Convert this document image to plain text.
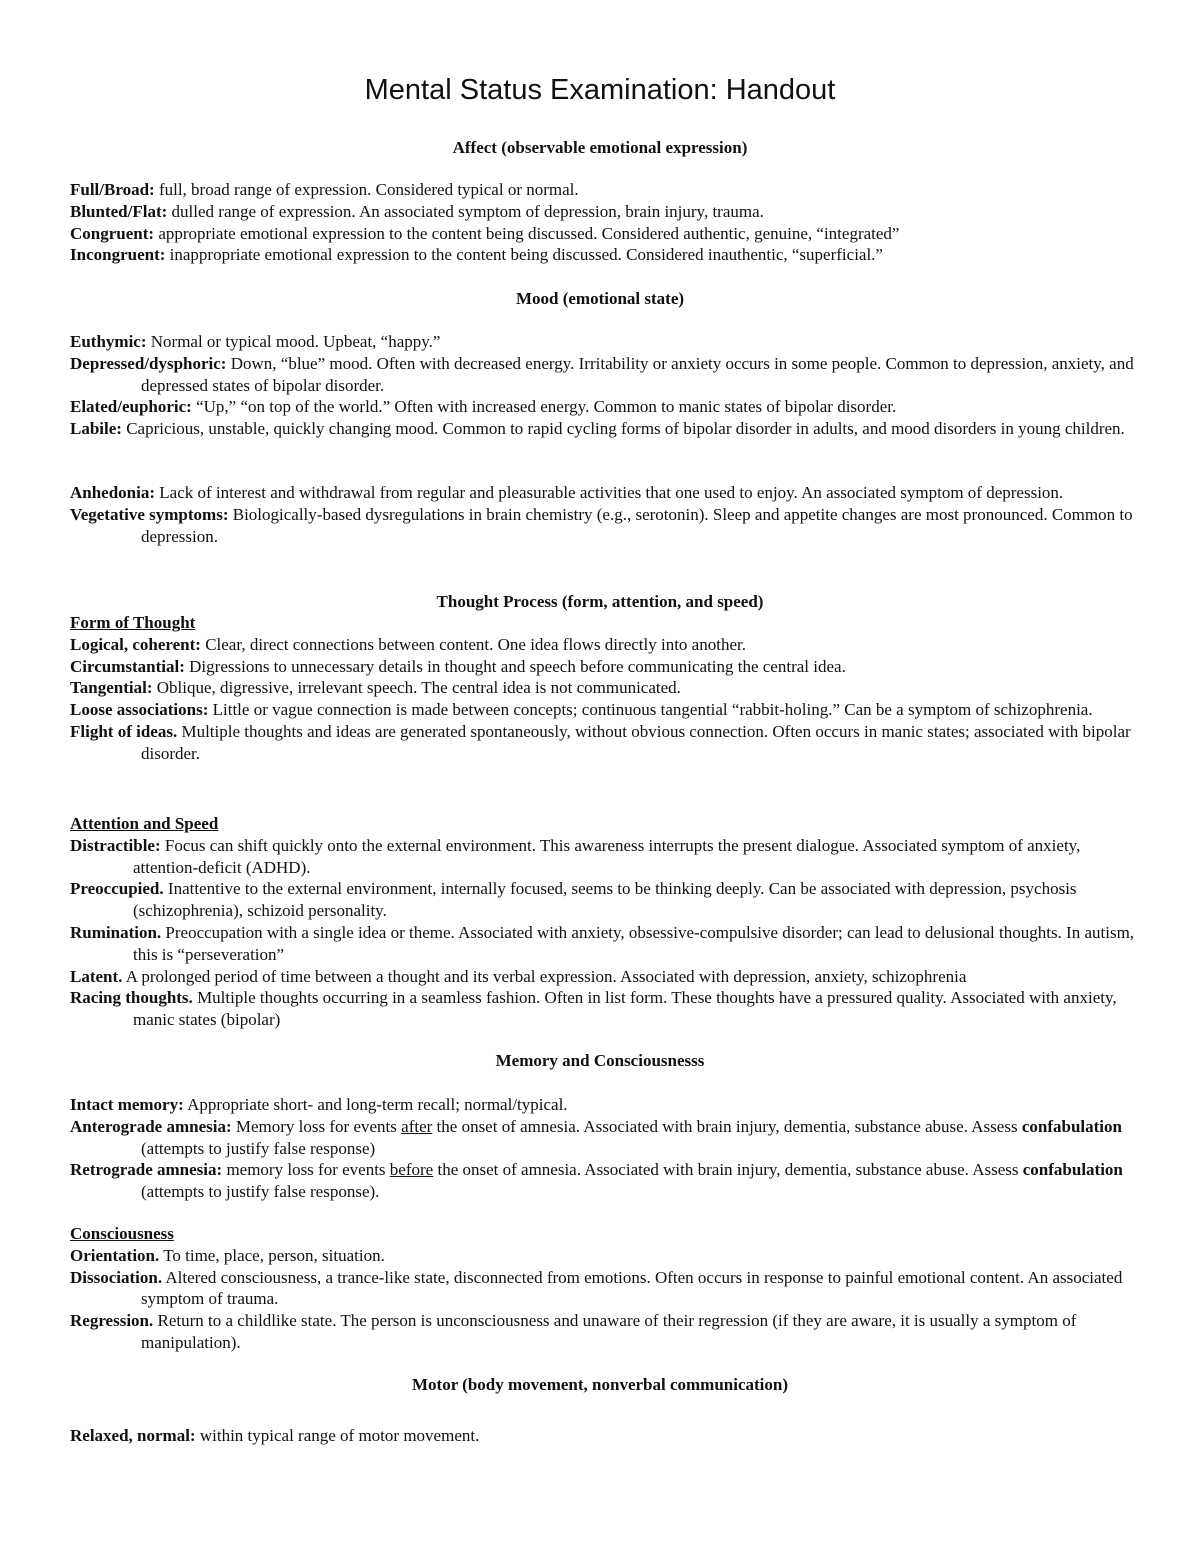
Mental Status Examination: Handout
Affect (observable emotional expression)

Full/Broad: full, broad range of expression. Considered typical or normal.

Blunted/Flat: dulled range of expression. An associated symptom of depression, brain injury, trauma.

Congruent: appropriate emotional expression to the content being discussed. Considered authentic, genuine, “integrated”

Incongruent: inappropriate emotional expression to the content being discussed. Considered inauthentic, “superficial.”

Mood (emotional state)

Euthymic: Normal or typical mood. Upbeat, “happy.”

Depressed/dysphoric: Down, “blue” mood. Often with decreased energy. Irritability or anxiety occurs in some people. Common to depression, anxiety, and depressed states of bipolar disorder.

Elated/euphoric: “Up,” “on top of the world.” Often with increased energy. Common to manic states of bipolar disorder.

Labile: Capricious, unstable, quickly changing mood. Common to rapid cycling forms of bipolar disorder in adults, and mood disorders in young children.

Anhedonia: Lack of interest and withdrawal from regular and pleasurable activities that one used to enjoy. An associated symptom of depression.

Vegetative symptoms: Biologically-based dysregulations in brain chemistry (e.g., serotonin). Sleep and appetite changes are most pronounced. Common to depression.

Thought Process (form, attention, and speed)

Form of Thought

Logical, coherent: Clear, direct connections between content. One idea flows directly into another.

Circumstantial: Digressions to unnecessary details in thought and speech before communicating the central idea.

Tangential: Oblique, digressive, irrelevant speech. The central idea is not communicated.

Loose associations: Little or vague connection is made between concepts; continuous tangential “rabbit-holing.” Can be a symptom of schizophrenia.

Flight of ideas. Multiple thoughts and ideas are generated spontaneously, without obvious connection. Often occurs in manic states; associated with bipolar disorder.

Attention and Speed

Distractible: Focus can shift quickly onto the external environment. This awareness interrupts the present dialogue. Associated symptom of anxiety, attention-deficit (ADHD).

Preoccupied. Inattentive to the external environment, internally focused, seems to be thinking deeply. Can be associated with depression, psychosis (schizophrenia), schizoid personality.

Rumination. Preoccupation with a single idea or theme. Associated with anxiety, obsessive-compulsive disorder; can lead to delusional thoughts. In autism, this is “perseveration”

Latent. A prolonged period of time between a thought and its verbal expression. Associated with depression, anxiety, schizophrenia

Racing thoughts. Multiple thoughts occurring in a seamless fashion. Often in list form. These thoughts have a pressured quality. Associated with anxiety, manic states (bipolar)

Memory and Consciousnesss

Intact memory: Appropriate short- and long-term recall; normal/typical.

Anterograde amnesia: Memory loss for events after the onset of amnesia. Associated with brain injury, dementia, substance abuse. Assess confabulation (attempts to justify false response)

Retrograde amnesia: memory loss for events before the onset of amnesia. Associated with brain injury, dementia, substance abuse. Assess confabulation (attempts to justify false response).

Consciousness

Orientation. To time, place, person, situation.

Dissociation. Altered consciousness, a trance-like state, disconnected from emotions. Often occurs in response to painful emotional content. An associated symptom of trauma.

Regression. Return to a childlike state. The person is unconsciousness and unaware of their regression (if they are aware, it is usually a symptom of manipulation).

Motor (body movement, nonverbal communication)

Relaxed, normal: within typical range of motor movement.
